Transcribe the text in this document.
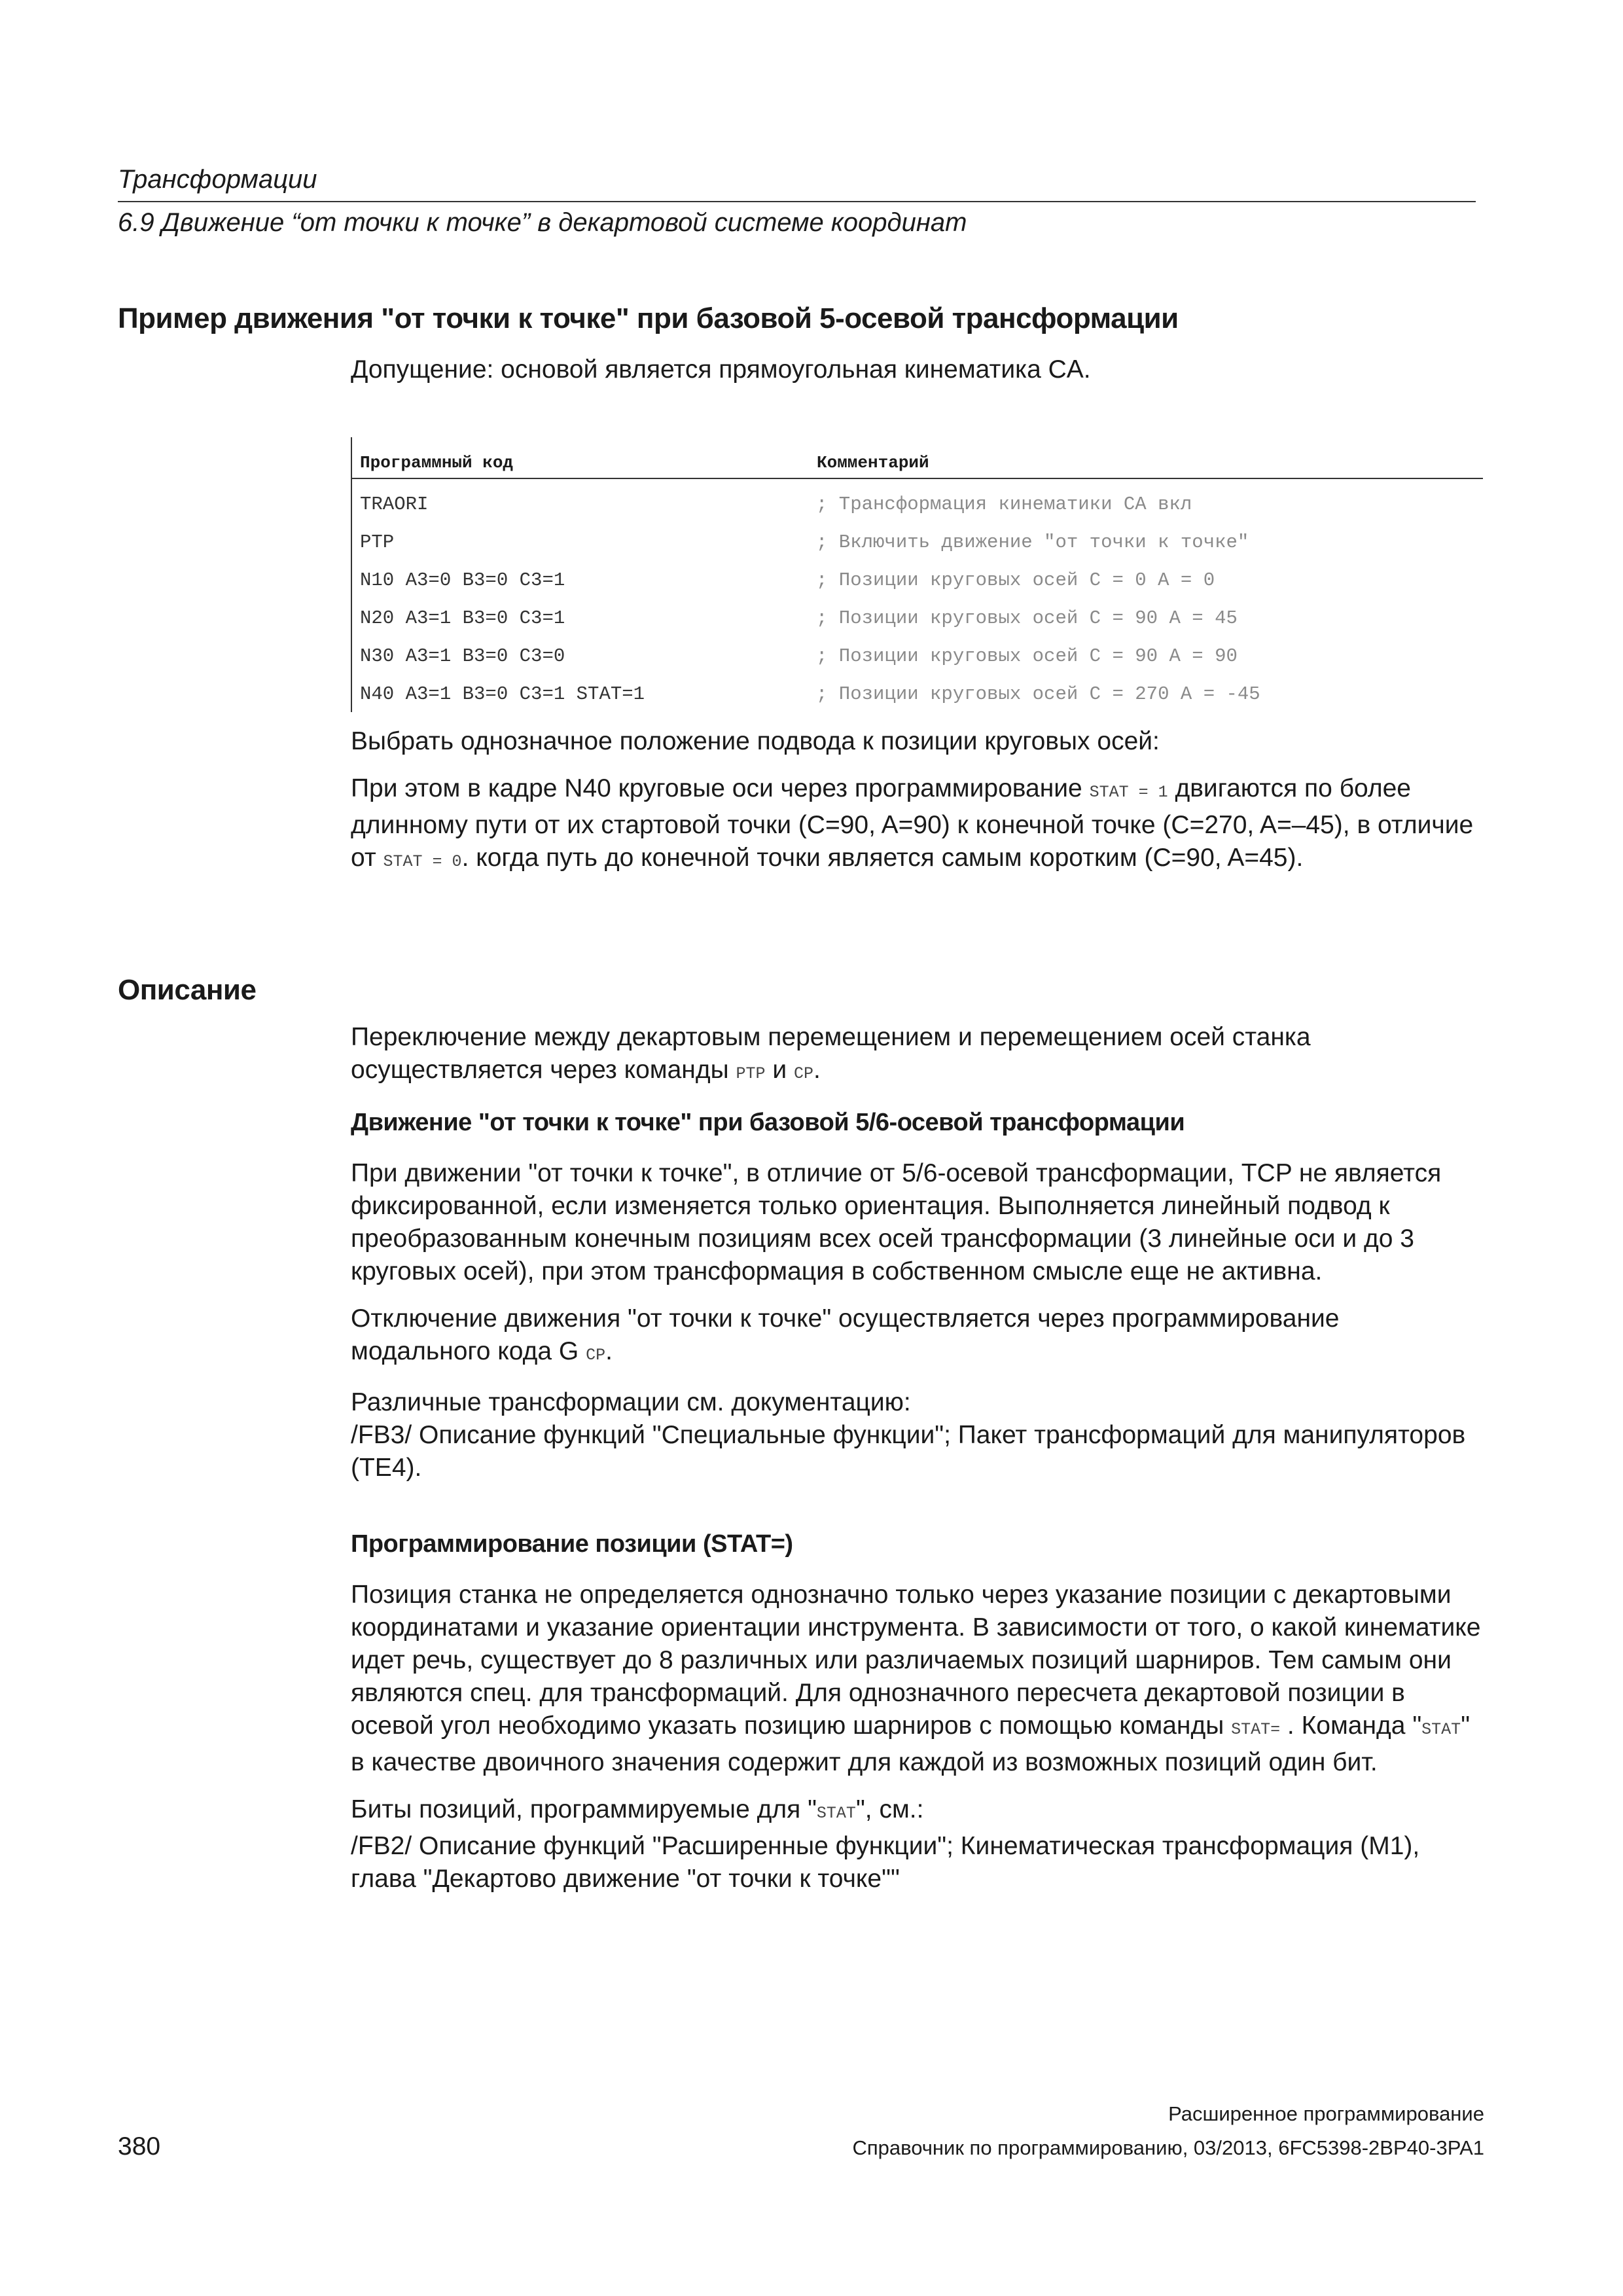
Трансформации
6.9 Движение “от точки к точке” в декартовой системе координат
Пример движения "от точки к точке" при базовой 5-осевой трансформации
Допущение: основой является прямоугольная кинематика CA.
Программный код	Комментарий
TRAORI	; Трансформация кинематики CA вкл
PTP	; Включить движение "от точки к точке"
N10 A3=0 B3=0 C3=1	; Позиции круговых осей C = 0 A = 0
N20 A3=1 B3=0 C3=1	; Позиции круговых осей C = 90 A = 45
N30 A3=1 B3=0 C3=0	; Позиции круговых осей C = 90 A = 90
N40 A3=1 B3=0 C3=1 STAT=1	; Позиции круговых осей C = 270 A = -45

Выбрать однозначное положение подвода к позиции круговых осей:

При этом в кадре N40 круговые оси через программирование STAT = 1 двигаются по более длинному пути от их стартовой точки (C=90, A=90) к конечной точке (C=270, A=–45), в отличие от STAT = 0. когда путь до конечной точки является самым коротким (C=90, A=45).

Описание

Переключение между декартовым перемещением и перемещением осей станка осуществляется через команды PTP и CP.

Движение "от точки к точке" при базовой 5/6-осевой трансформации

При движении "от точки к точке", в отличие от 5/6-осевой трансформации, TCP не является фиксированной, если изменяется только ориентация. Выполняется линейный подвод к преобразованным конечным позициям всех осей трансформации (3 линейные оси и до 3 круговых осей), при этом трансформация в собственном смысле еще не активна.

Отключение движения "от точки к точке" осуществляется через программирование модального кода G CP.

Различные трансформации см. документацию:

/FB3/ Описание функций "Специальные функции"; Пакет трансформаций для манипуляторов (TE4).

Программирование позиции (STAT=)

Позиция станка не определяется однозначно только через указание позиции с декартовыми координатами и указание ориентации инструмента. В зависимости от того, о какой кинематике идет речь, существует до 8 различных или различаемых позиций шарниров. Тем самым они являются спец. для трансформаций. Для однозначного пересчета декартовой позиции в осевой угол необходимо указать позицию шарниров с помощью команды STAT= . Команда "STAT" в качестве двоичного значения содержит для каждой из возможных позиций один бит.

Биты позиций, программируемые для "STAT", см.:

/FB2/ Описание функций "Расширенные функции"; Кинематическая трансформация (M1), глава "Декартово движение "от точки к точке""

Расширенное программирование
380	Справочник по программированию, 03/2013, 6FC5398-2BP40-3PA1
